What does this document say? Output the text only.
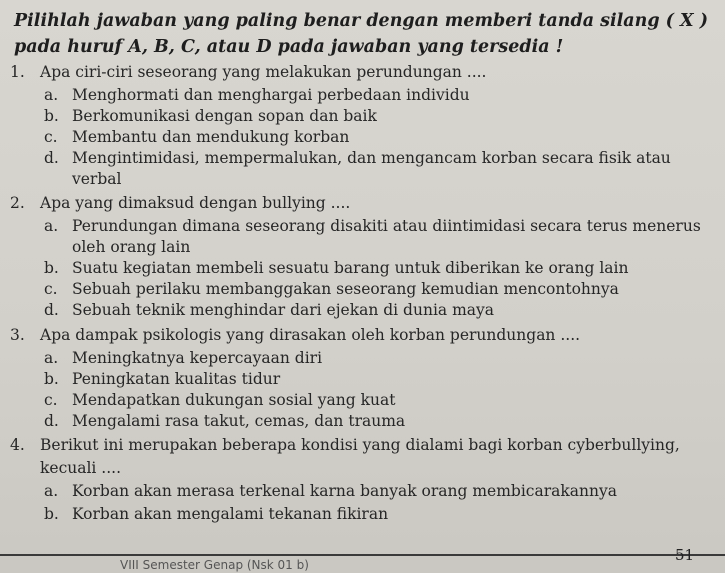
Pilihlah jawaban yang paling benar dengan memberi tanda silang ( X )
pada huruf A, B, C, atau D pada jawaban yang tersedia !
1. Apa ciri-ciri seseorang yang melakukan perundungan ....
a. Menghormati dan menghargai perbedaan individu
b. Berkomunikasi dengan sopan dan baik
c. Membantu dan mendukung korban
d. Mengintimidasi, mempermalukan, dan mengancam korban secara fisik atau
verbal
2. Apa yang dimaksud dengan bullying ....
a. Perundungan dimana seseorang disakiti atau diintimidasi secara terus menerus
oleh orang lain
b. Suatu kegiatan membeli sesuatu barang untuk diberikan ke orang lain
c. Sebuah perilaku membanggakan seseorang kemudian mencontohnya
d. Sebuah teknik menghindar dari ejekan di dunia maya
3. Apa dampak psikologis yang dirasakan oleh korban perundungan ....
a. Meningkatnya kepercayaan diri
b. Peningkatan kualitas tidur
c. Mendapatkan dukungan sosial yang kuat
d. Mengalami rasa takut, cemas, dan trauma
4. Berikut ini merupakan beberapa kondisi yang dialami bagi korban cyberbullying,
kecuali ....
a. Korban akan merasa terkenal karna banyak orang membicarakannya
b. Korban akan mengalami tekanan fikiran
VIII Semester Genap (Nsk 01 b)
51
